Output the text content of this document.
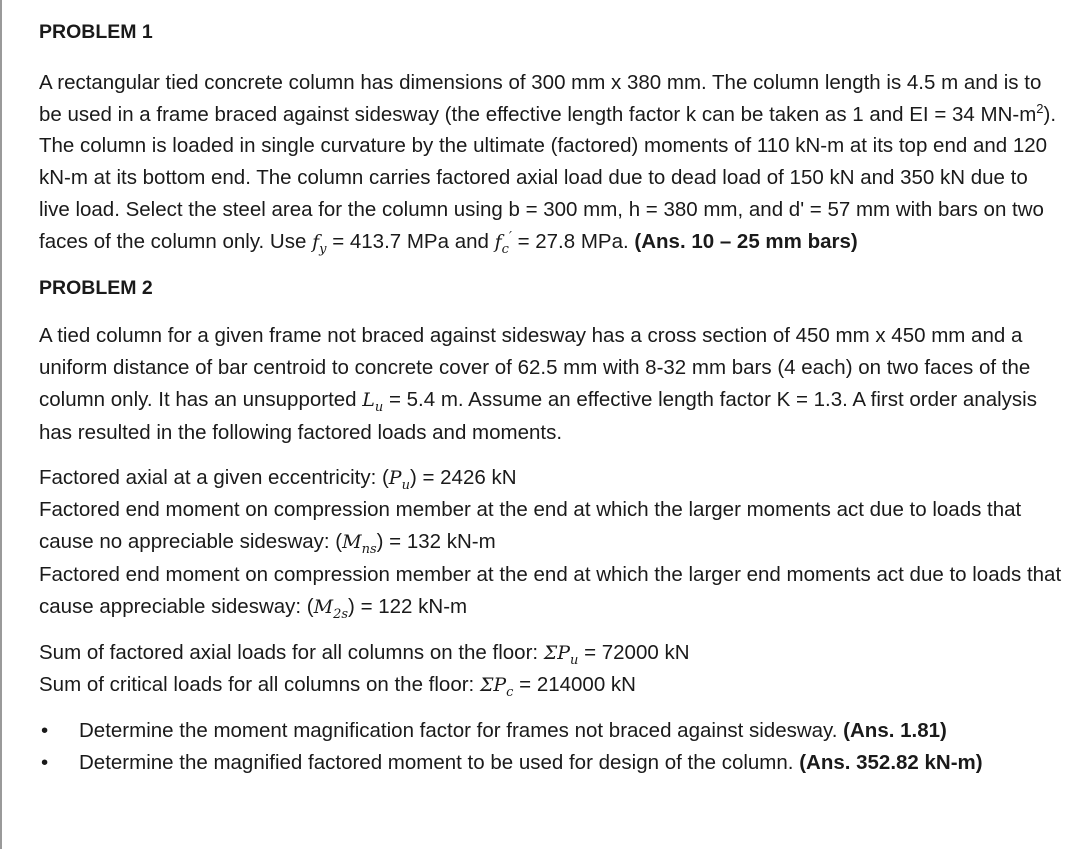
PROBLEM 1

A rectangular tied concrete column has dimensions of 300 mm x 380 mm. The column length is 4.5 m and is to be used in a frame braced against sidesway (the effective length factor k can be taken as 1 and EI = 34 $MN-m^2$). The column is loaded in single curvature by the ultimate (factored) moments of 110 kN-m at its top end and 120 kN-m at its bottom end. The column carries factored axial load due to dead load of 150 kN and 350 kN due to live load. Select the steel area for the column using b = 300 mm, h = 380 mm, and d' = 57 mm with bars on two faces of the column only. Use $f_y = 413.7$ MPa and $f_c' = 27.8$ MPa. (Ans. 10 – 25 mm bars)

PROBLEM 2

A tied column for a given frame not braced against sidesway has a cross section of 450 mm x 450 mm and a uniform distance of bar centroid to concrete cover of 62.5 mm with 8-32 mm bars (4 each) on two faces of the column only. It has an unsupported $L_u = 5.4$ m. Assume an effective length factor K = 1.3. A first order analysis has resulted in the following factored loads and moments.

Factored axial at a given eccentricity: $(P_u) = 2426$ kN
Factored end moment on compression member at the end at which the larger moments act due to loads that cause no appreciable sidesway: $(M_{ns}) = 132$ kN-m
Factored end moment on compression member at the end at which the larger end moments act due to loads that cause appreciable sidesway: $(M_{2s}) = 122$ kN-m

Sum of factored axial loads for all columns on the floor: $\Sigma P_u = 72000$ kN
Sum of critical loads for all columns on the floor: $\Sigma P_c = 214000$ kN

• Determine the moment magnification factor for frames not braced against sidesway. (Ans. 1.81)
• Determine the magnified factored moment to be used for design of the column. (Ans. 352.82 kN-m)
